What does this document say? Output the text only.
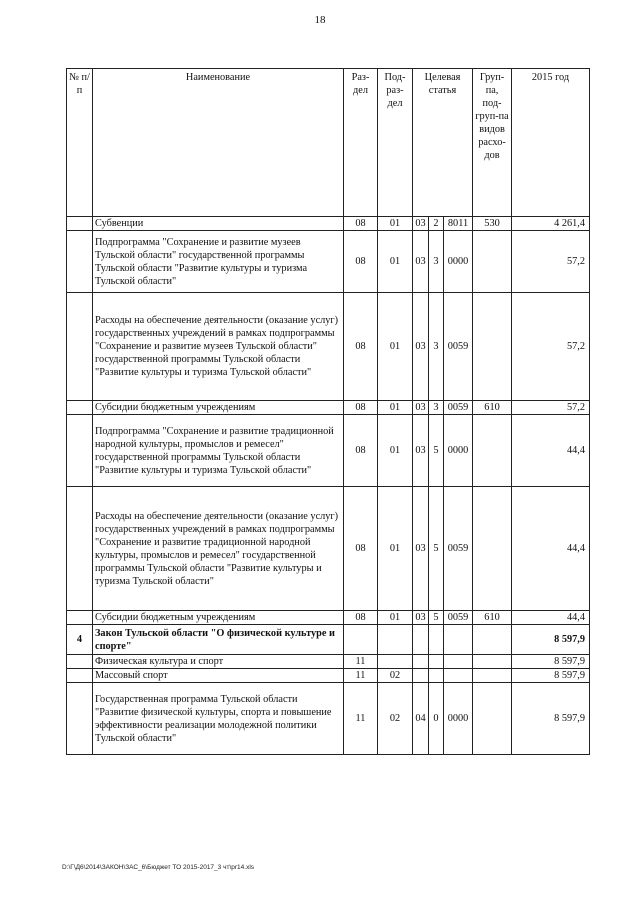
18
№ п/п	Наименование	Раз-дел	Под-раз-дел	Целевая статья			Груп-па, под-груп-па видов расхо-дов	2015 год
	Субвенции	08	01	03	2	8011	530	4 261,4
	Подпрограмма "Сохранение и развитие музеев Тульской области" государственной программы Тульской области "Развитие культуры и туризма Тульской области"	08	01	03	3	0000		57,2
	Расходы на обеспечение деятельности (оказание услуг) государственных учреждений в рамках подпрограммы "Сохранение и развитие музеев Тульской области" государственной программы Тульской области "Развитие культуры и туризма Тульской области"	08	01	03	3	0059		57,2
	Субсидии бюджетным учреждениям	08	01	03	3	0059	610	57,2
	Подпрограмма "Сохранение и развитие традиционной народной культуры, промыслов и ремесел" государственной программы Тульской области "Развитие культуры и туризма Тульской области"	08	01	03	5	0000		44,4
	Расходы на обеспечение деятельности (оказание услуг) государственных учреждений в рамках подпрограммы "Сохранение и развитие традиционной народной культуры, промыслов и ремесел" государственной программы Тульской области "Развитие культуры и туризма Тульской области"	08	01	03	5	0059		44,4
	Субсидии бюджетным учреждениям	08	01	03	5	0059	610	44,4
4	Закон Тульской области "О физической культуре и спорте"							8 597,9
	Физическая культура и спорт	11						8 597,9
	Массовый спорт	11	02					8 597,9
	Государственная программа Тульской области "Развитие физической культуры, спорта и повышение эффективности реализации молодежной политики Тульской области"	11	02	04	0	0000		8 597,9
D:\Г\Д6\2014\ЗАКОН\ЗАС_6\Бюджет ТО 2015-2017_3 чт\pr14.xls
